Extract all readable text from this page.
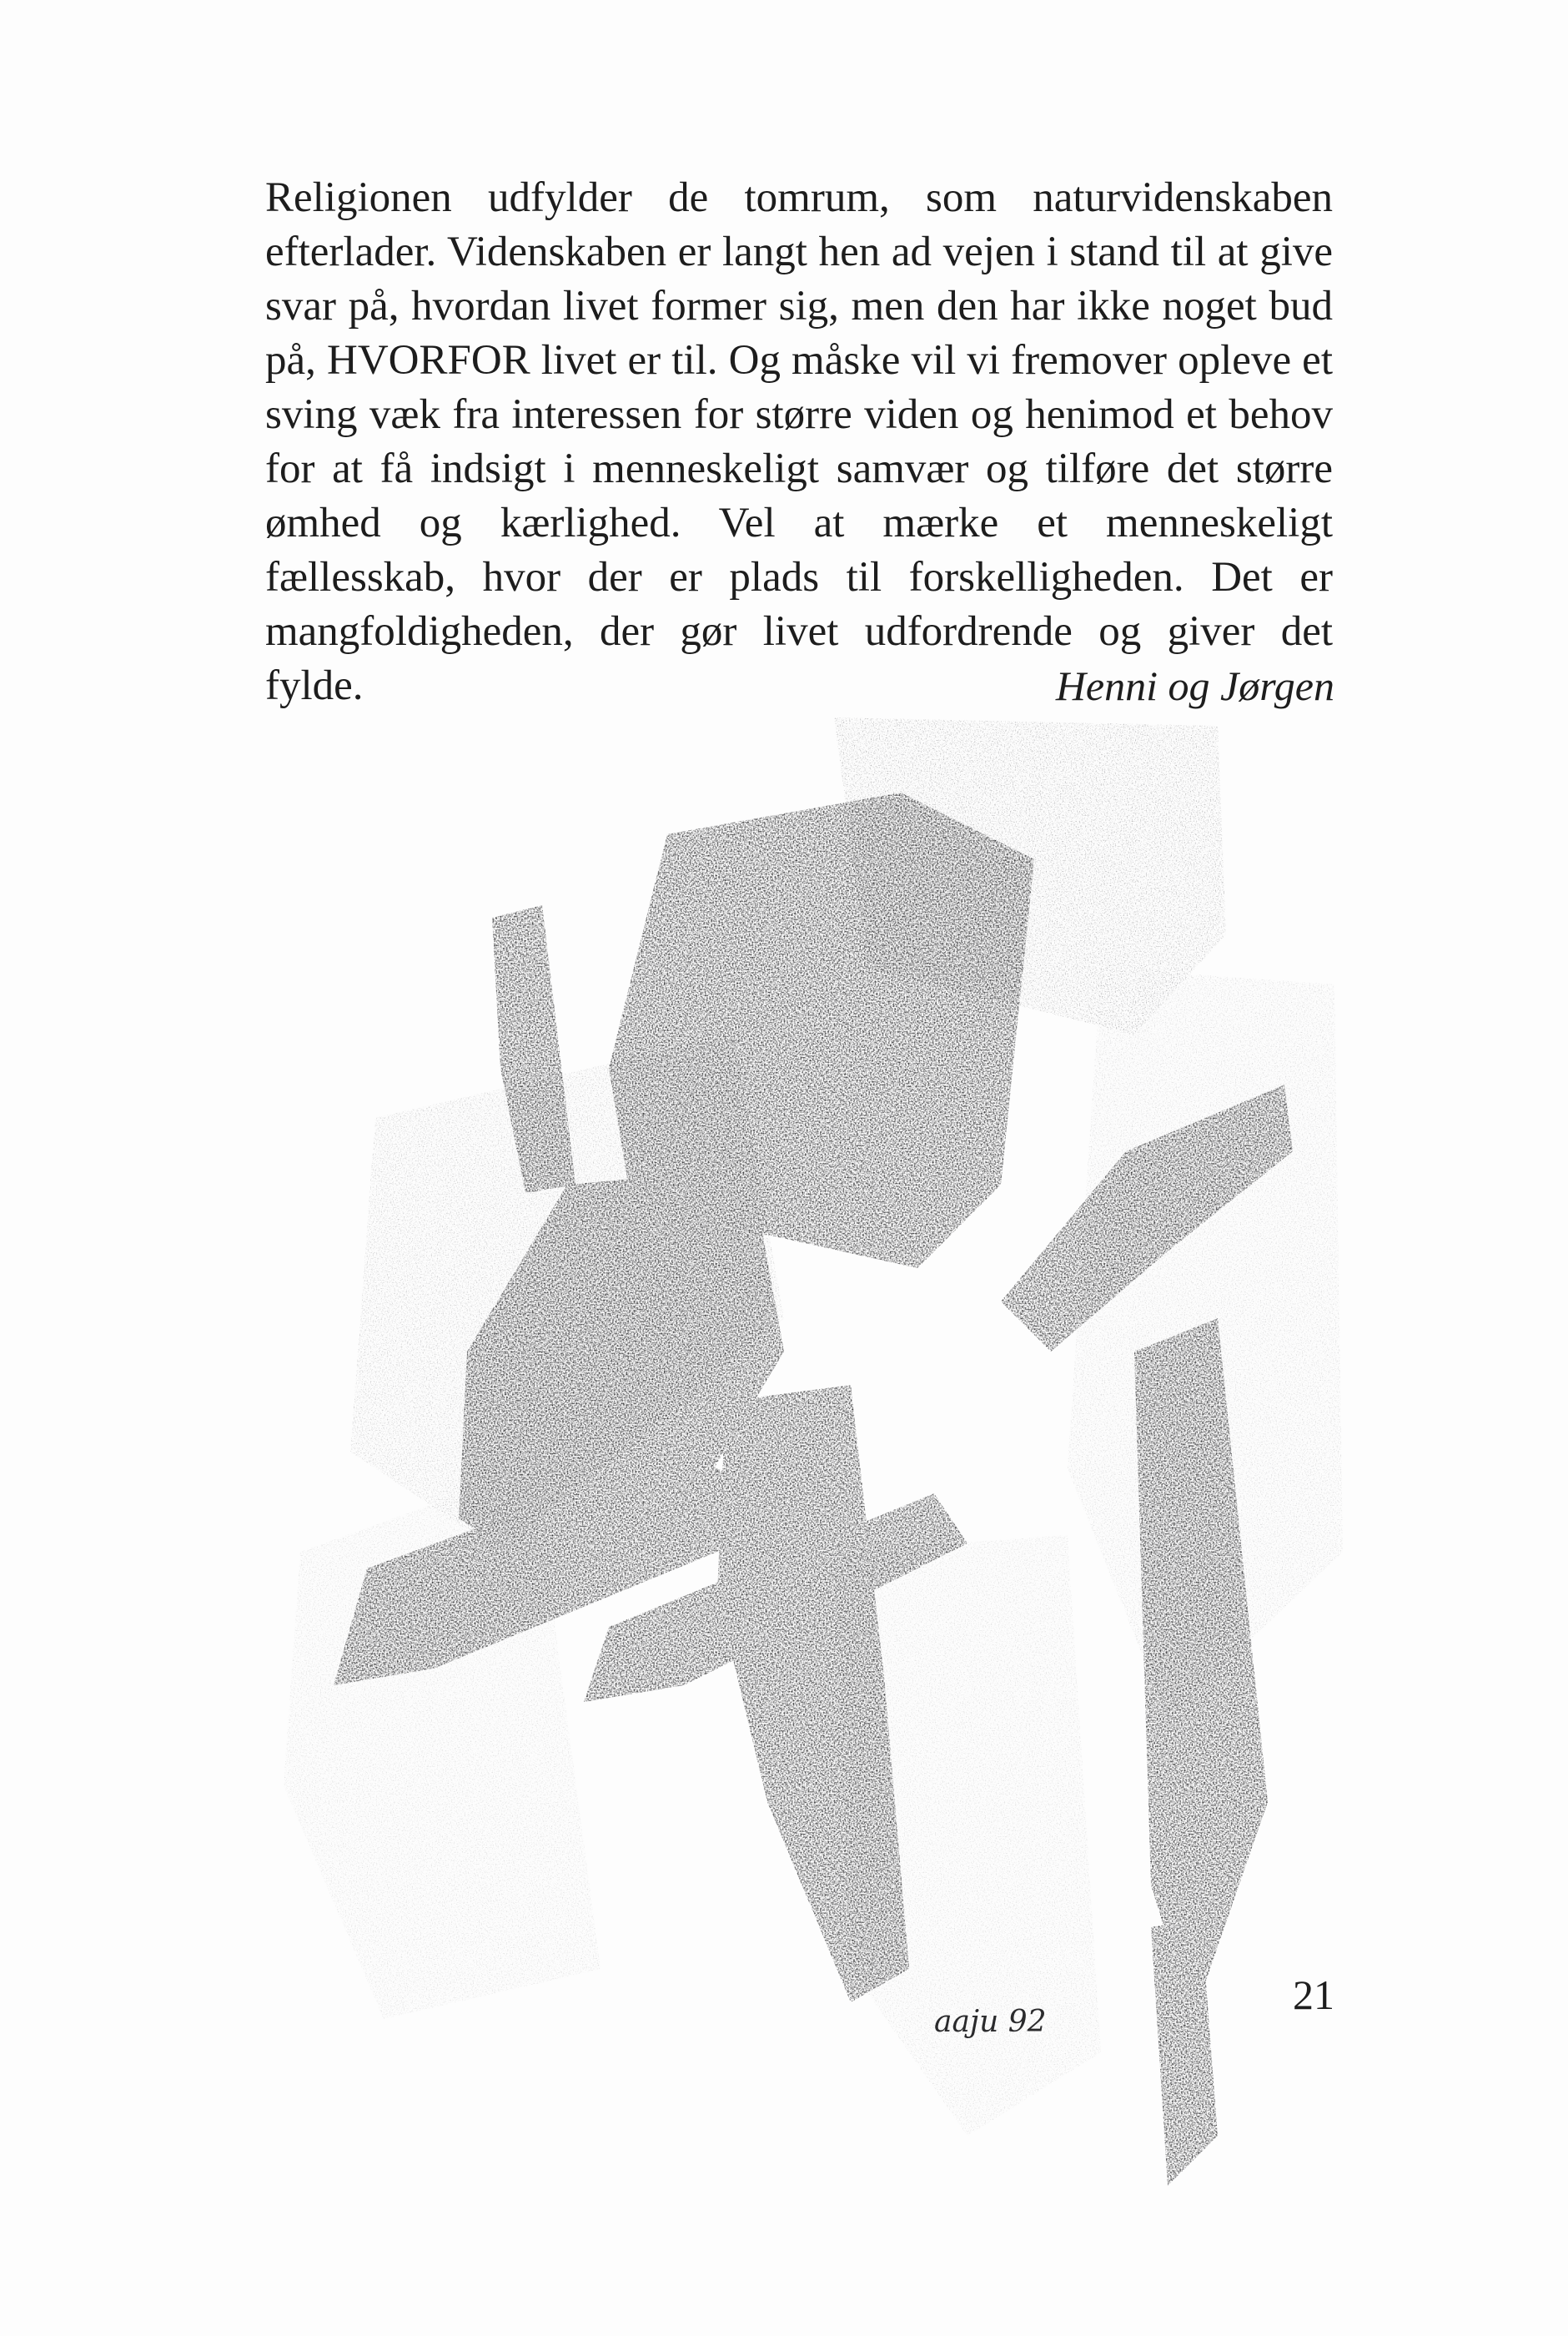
Religionen udfylder de tomrum, som naturvidenskaben efterlader. Videnskaben er langt hen ad vejen i stand til at give svar på, hvordan livet former sig, men den har ikke noget bud på, HVORFOR livet er til. Og måske vil vi fremover opleve et sving væk fra interessen for større viden og henimod et behov for at få indsigt i menneskeligt samvær og tilføre det større ømhed og kærlighed. Vel at mærke et menneskeligt fællesskab, hvor der er plads til forskelligheden. Det er mangfoldigheden, der gør livet udfordrende og giver det fylde.	Henni og Jørgen

aaju 92

21
